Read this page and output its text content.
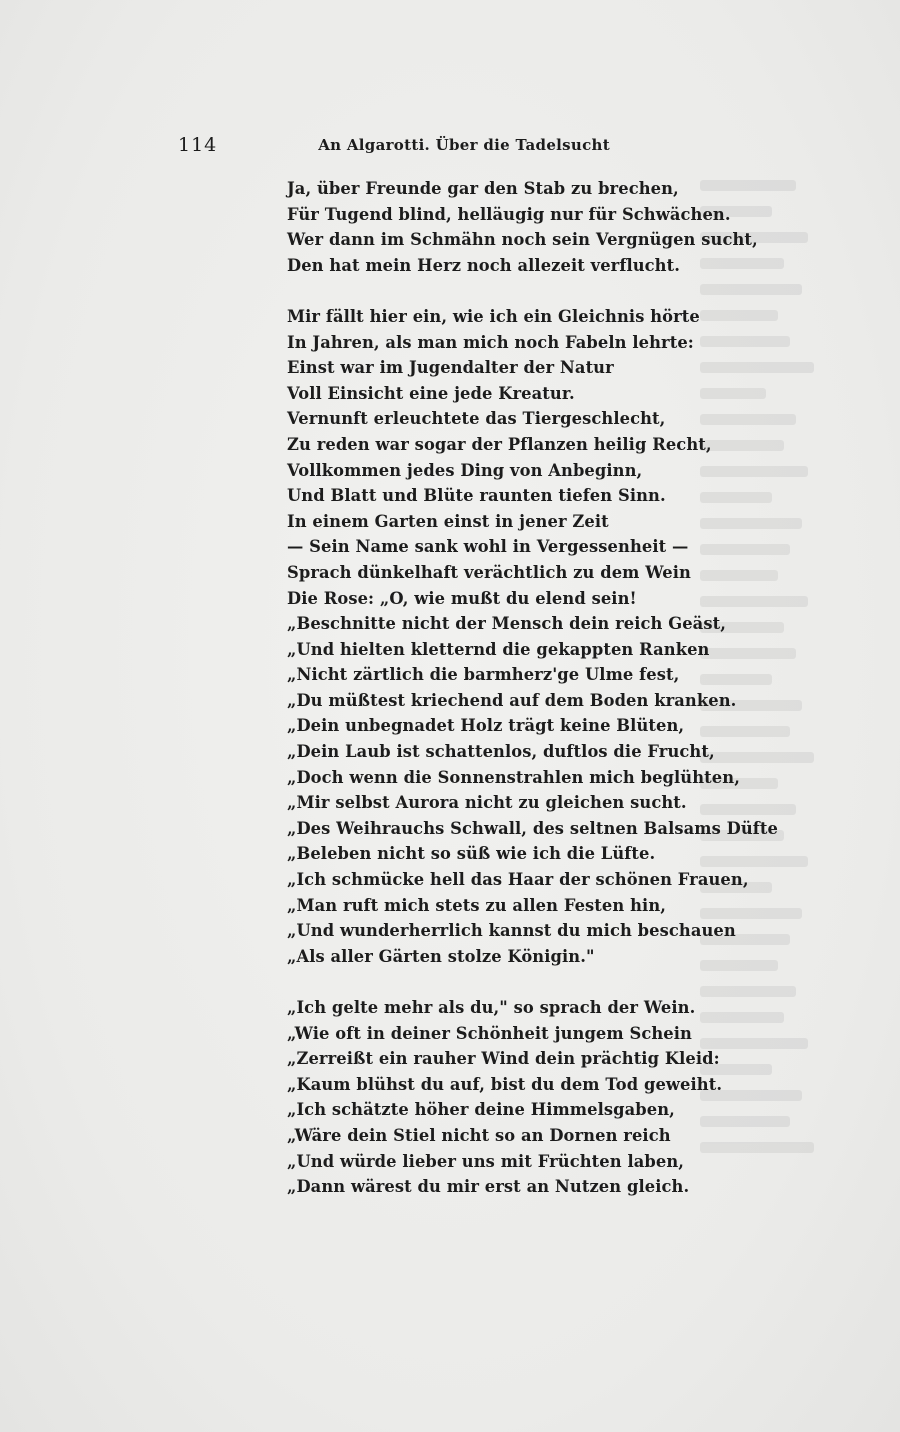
114	An Algarotti. Über die Tadelsucht
Ja, über Freunde gar den Stab zu brechen,
Für Tugend blind, helläugig nur für Schwächen.
Wer dann im Schmähn noch sein Vergnügen sucht,
Den hat mein Herz noch allezeit verflucht.
Mir fällt hier ein, wie ich ein Gleichnis hörte
In Jahren, als man mich noch Fabeln lehrte:
Einst war im Jugendalter der Natur
Voll Einsicht eine jede Kreatur.
Vernunft erleuchtete das Tiergeschlecht,
Zu reden war sogar der Pflanzen heilig Recht,
Vollkommen jedes Ding von Anbeginn,
Und Blatt und Blüte raunten tiefen Sinn.
In einem Garten einst in jener Zeit
— Sein Name sank wohl in Vergessenheit —
Sprach dünkelhaft verächtlich zu dem Wein
Die Rose: „O, wie mußt du elend sein!
„Beschnitte nicht der Mensch dein reich Geäst,
„Und hielten kletternd die gekappten Ranken
„Nicht zärtlich die barmherz'ge Ulme fest,
„Du müßtest kriechend auf dem Boden kranken.
„Dein unbegnadet Holz trägt keine Blüten,
„Dein Laub ist schattenlos, duftlos die Frucht,
„Doch wenn die Sonnenstrahlen mich beglühten,
„Mir selbst Aurora nicht zu gleichen sucht.
„Des Weihrauchs Schwall, des seltnen Balsams Düfte
„Beleben nicht so süß wie ich die Lüfte.
„Ich schmücke hell das Haar der schönen Frauen,
„Man ruft mich stets zu allen Festen hin,
„Und wunderherrlich kannst du mich beschauen
„Als aller Gärten stolze Königin."
„Ich gelte mehr als du," so sprach der Wein.
„Wie oft in deiner Schönheit jungem Schein
„Zerreißt ein rauher Wind dein prächtig Kleid:
„Kaum blühst du auf, bist du dem Tod geweiht.
„Ich schätzte höher deine Himmelsgaben,
„Wäre dein Stiel nicht so an Dornen reich
„Und würde lieber uns mit Früchten laben,
„Dann wärest du mir erst an Nutzen gleich.
